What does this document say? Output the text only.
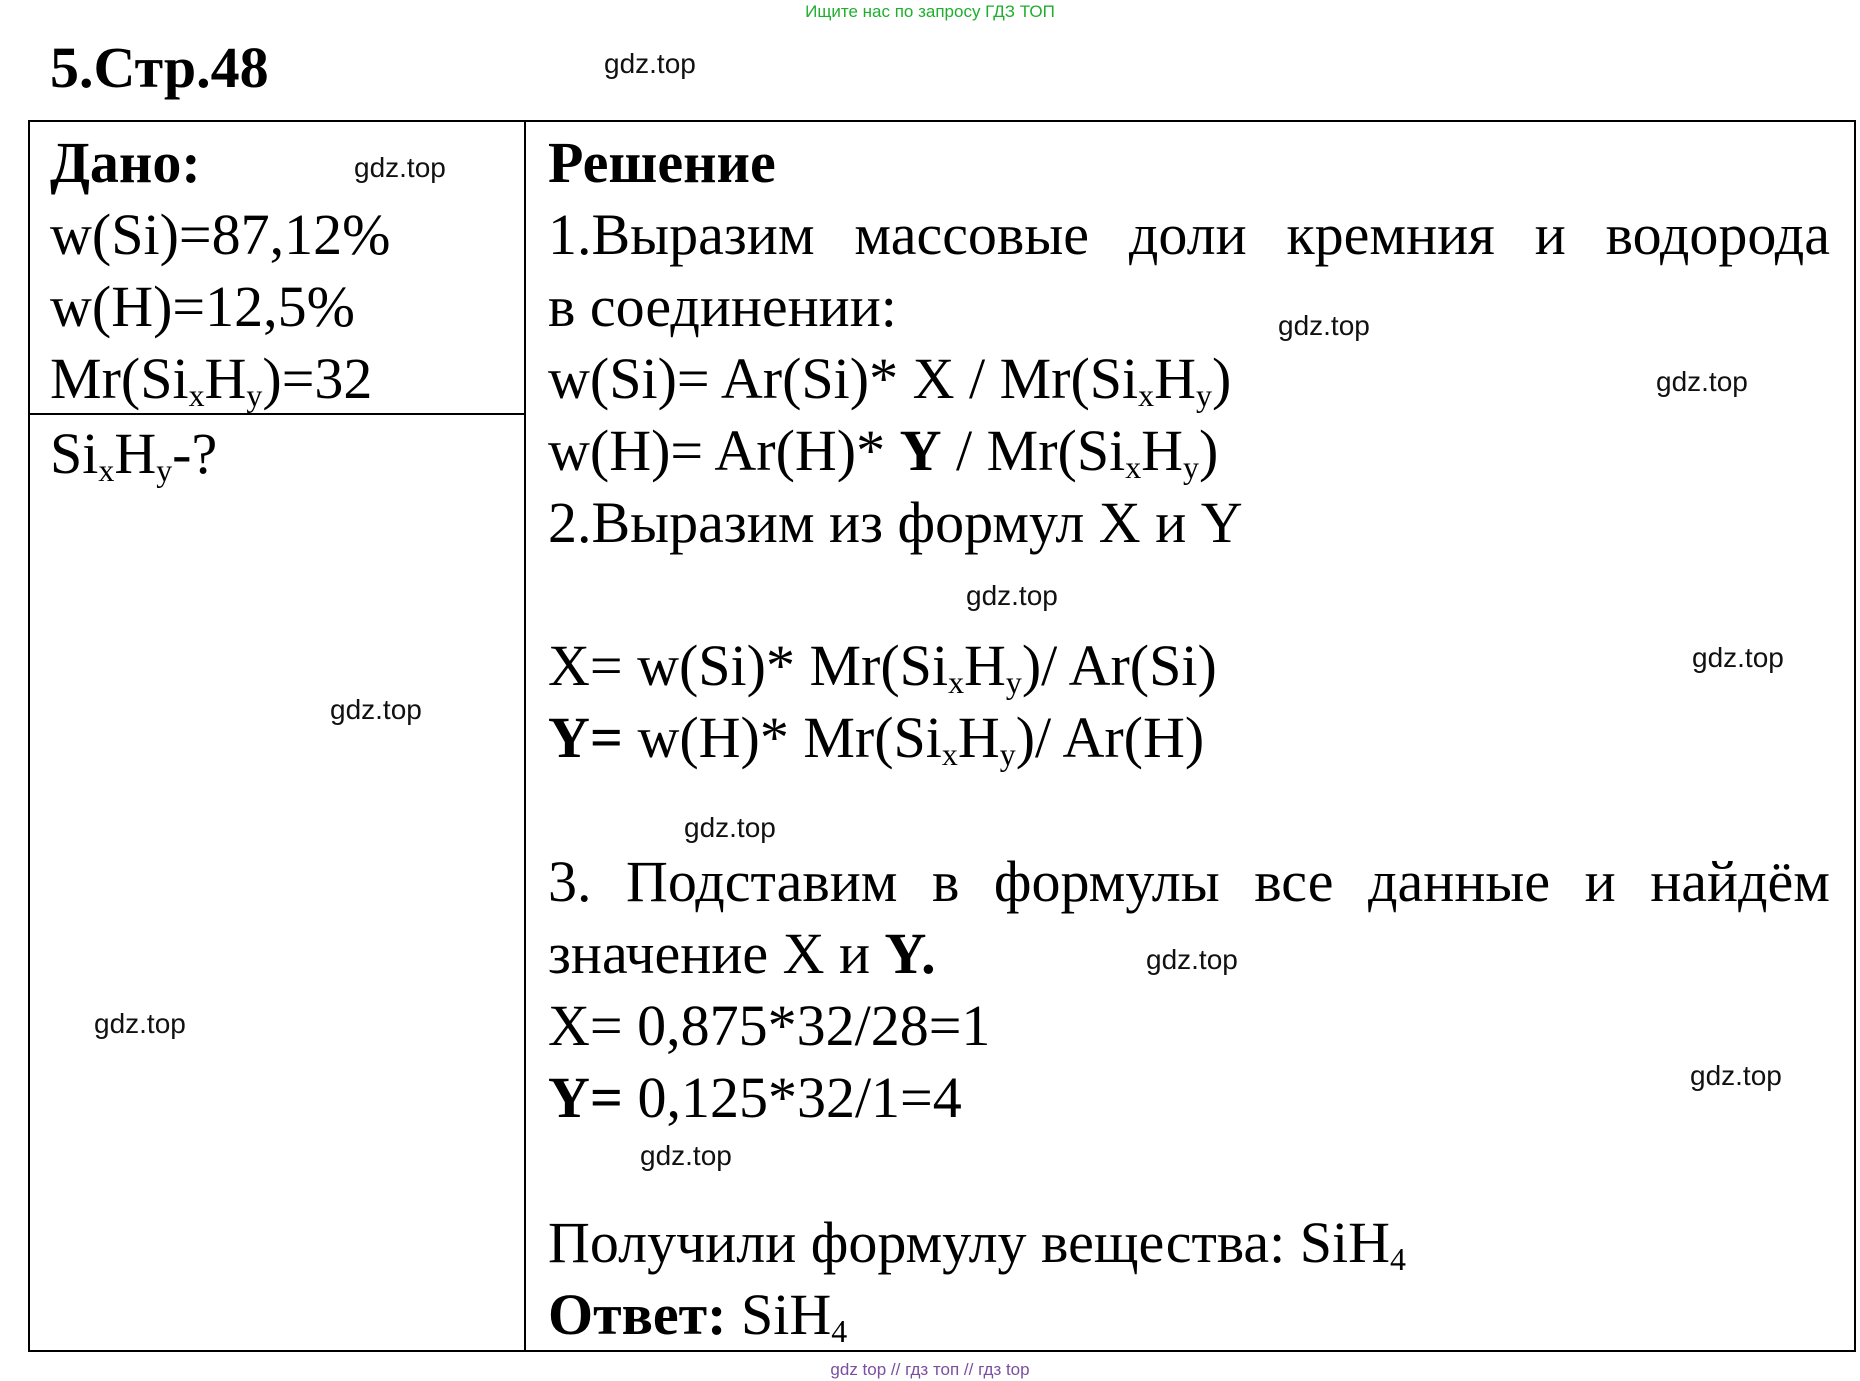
Ищите нас по запросу ГДЗ ТОП
5.Стр.48
Дано:
w(Si)=87,12%
w(H)=12,5%
$Mr(Si_xH_y)=32$
$Si_xH_y-$?
Решение
1.Выразим массовые доли кремния и водорода
в соединении:
w(Si)= Ar(Si)* X / $Mr(Si_xH_y)$
w(H)= Ar(H)* Y / $Mr(Si_xH_y)$
2.Выразим из формул X и Y
X= w(Si)* $Mr(Si_xH_y)/$ Ar(Si)
Y= w(H)* $Mr(Si_xH_y)/$ Ar(H)
3. Подставим в формулы все данные и найдём
значение X и Y.
X= 0,875*32/28=1
Y= 0,125*32/1=4
Получили формулу вещества: SiH$_4$
Ответ: SiH$_4$
gdz.top
gdz.top
gdz.top
gdz.top
gdz.top
gdz.top
gdz.top
gdz.top
gdz.top
gdz.top
gdz.top
gdz.top
gdz top // гдз топ // гдз top
